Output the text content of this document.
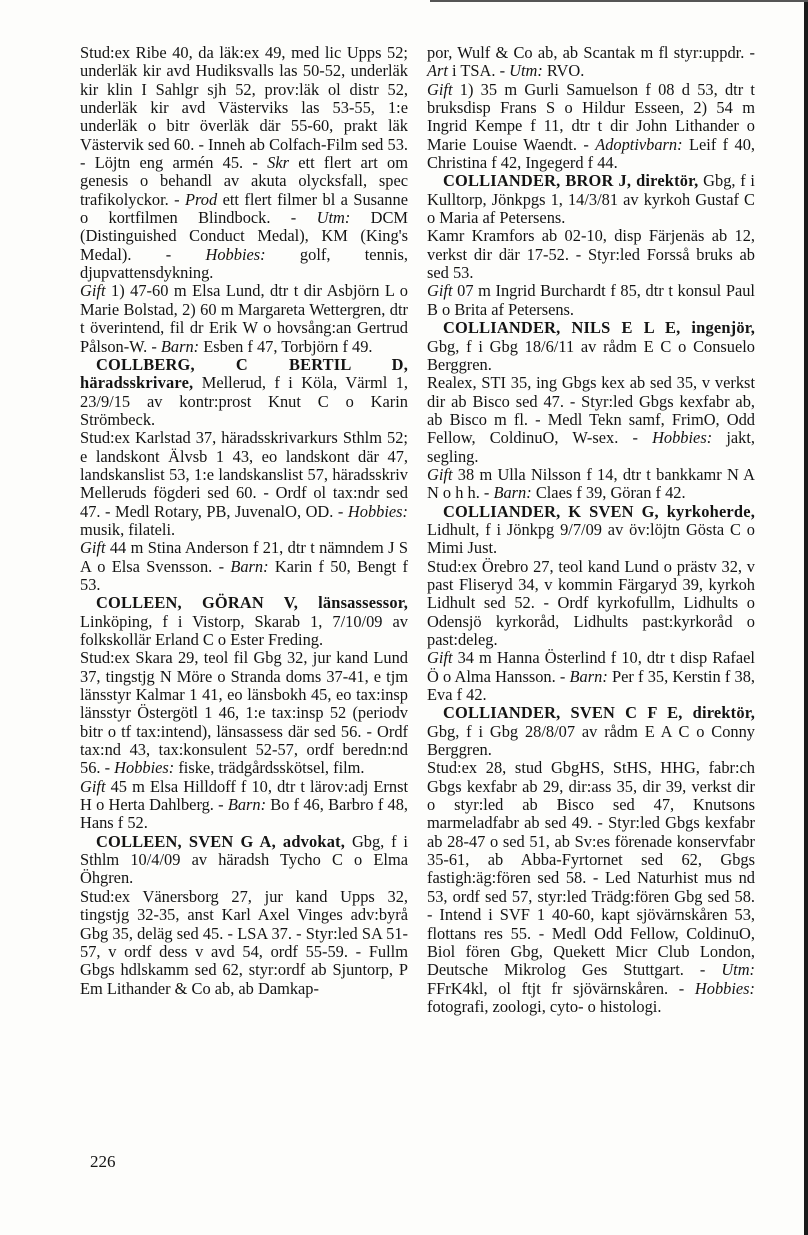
Stud:ex Ribe 40, da läk:ex 49, med lic Upps 52; underläk kir avd Hudiksvalls las 50-52, underläk kir klin I Sahlgr sjh 52, prov:läk ol distr 52, underläk kir avd Västerviks las 53-55, 1:e underläk o bitr överläk där 55-60, prakt läk Västervik sed 60. - Inneh ab Colfach-Film sed 53. - Löjtn eng armén 45. - Skr ett flert art om genesis o behandl av akuta olycksfall, spec trafikolyckor. - Prod ett flert filmer bl a Susanne o kortfilmen Blindbock. - Utm: DCM (Distinguished Conduct Medal), KM (King's Medal). - Hobbies: golf, tennis, djupvattensdykning.

Gift 1) 47-60 m Elsa Lund, dtr t dir Asbjörn L o Marie Bolstad, 2) 60 m Margareta Wettergren, dtr t överintend, fil dr Erik W o hovsång:an Gertrud Pålson-W. - Barn: Esben f 47, Torbjörn f 49.

COLLBERG, C BERTIL D, häradsskrivare, Mellerud, f i Köla, Värml 1, 23/9/15 av kontr:prost Knut C o Karin Strömbeck.

Stud:ex Karlstad 37, häradsskrivarkurs Sthlm 52; e landskont Älvsb 1 43, eo landskont där 47, landskanslist 53, 1:e landskanslist 57, häradsskriv Melleruds fögderi sed 60. - Ordf ol tax:ndr sed 47. - Medl Rotary, PB, JuvenalO, OD. - Hobbies: musik, filateli.

Gift 44 m Stina Anderson f 21, dtr t nämndem J S A o Elsa Svensson. - Barn: Karin f 50, Bengt f 53.

COLLEEN, GÖRAN V, länsassessor, Linköping, f i Vistorp, Skarab 1, 7/10/09 av folkskollär Erland C o Ester Freding.

Stud:ex Skara 29, teol fil Gbg 32, jur kand Lund 37, tingstjg N Möre o Stranda doms 37-41, e tjm länsstyr Kalmar 1 41, eo länsbokh 45, eo tax:insp länsstyr Östergötl 1 46, 1:e tax:insp 52 (periodv bitr o tf tax:intend), länsassess där sed 56. - Ordf tax:nd 43, tax:konsulent 52-57, ordf beredn:nd 56. - Hobbies: fiske, trädgårdsskötsel, film.

Gift 45 m Elsa Hilldoff f 10, dtr t lärov:adj Ernst H o Herta Dahlberg. - Barn: Bo f 46, Barbro f 48, Hans f 52.

COLLEEN, SVEN G A, advokat, Gbg, f i Sthlm 10/4/09 av häradsh Tycho C o Elma Öhgren.

Stud:ex Vänersborg 27, jur kand Upps 32, tingstjg 32-35, anst Karl Axel Vinges adv:byrå Gbg 35, deläg sed 45. - LSA 37. - Styr:led SA 51-57, v ordf dess v avd 54, ordf 55-59. - Fullm Gbgs hdlskamm sed 62, styr:ordf ab Sjuntorp, P Em Lithander & Co ab, ab Damkap-

por, Wulf & Co ab, ab Scantak m fl styr:uppdr. - Art i TSA. - Utm: RVO.

Gift 1) 35 m Gurli Samuelson f 08 d 53, dtr t bruksdisp Frans S o Hildur Esseen, 2) 54 m Ingrid Kempe f 11, dtr t dir John Lithander o Marie Louise Waendt. - Adoptivbarn: Leif f 40, Christina f 42, Ingegerd f 44.

COLLIANDER, BROR J, direktör, Gbg, f i Kulltorp, Jönkpgs 1, 14/3/81 av kyrkoh Gustaf C o Maria af Petersens.

Kamr Kramfors ab 02-10, disp Färjenäs ab 12, verkst dir där 17-52. - Styr:led Forsså bruks ab sed 53.

Gift 07 m Ingrid Burchardt f 85, dtr t konsul Paul B o Brita af Petersens.

COLLIANDER, NILS E L E, ingenjör, Gbg, f i Gbg 18/6/11 av rådm E C o Consuelo Berggren.

Realex, STI 35, ing Gbgs kex ab sed 35, v verkst dir ab Bisco sed 47. - Styr:led Gbgs kexfabr ab, ab Bisco m fl. - Medl Tekn samf, FrimO, Odd Fellow, ColdinuO, W-sex. - Hobbies: jakt, segling.

Gift 38 m Ulla Nilsson f 14, dtr t bankkamr N A N o h h. - Barn: Claes f 39, Göran f 42.

COLLIANDER, K SVEN G, kyrkoherde, Lidhult, f i Jönkpg 9/7/09 av öv:löjtn Gösta C o Mimi Just.

Stud:ex Örebro 27, teol kand Lund o prästv 32, v past Fliseryd 34, v kommin Färgaryd 39, kyrkoh Lidhult sed 52. - Ordf kyrkofullm, Lidhults o Odensjö kyrkoråd, Lidhults past:kyrkoråd o past:deleg.

Gift 34 m Hanna Österlind f 10, dtr t disp Rafael Ö o Alma Hansson. - Barn: Per f 35, Kerstin f 38, Eva f 42.

COLLIANDER, SVEN C F E, direktör, Gbg, f i Gbg 28/8/07 av rådm E A C o Conny Berggren.

Stud:ex 28, stud GbgHS, StHS, HHG, fabr:ch Gbgs kexfabr ab 29, dir:ass 35, dir 39, verkst dir o styr:led ab Bisco sed 47, Knutsons marmeladfabr ab sed 49. - Styr:led Gbgs kexfabr ab 28-47 o sed 51, ab Sv:es förenade konservfabr 35-61, ab Abba-Fyrtornet sed 62, Gbgs fastigh:äg:fören sed 58. - Led Naturhist mus nd 53, ordf sed 57, styr:led Trädg:fören Gbg sed 58. - Intend i SVF 1 40-60, kapt sjövärnskåren 53, flottans res 55. - Medl Odd Fellow, ColdinuO, Biol fören Gbg, Quekett Micr Club London, Deutsche Mikrolog Ges Stuttgart. - Utm: FFrK4kl, ol ftjt fr sjövärnskåren. - Hobbies: fotografi, zoologi, cyto- o histologi.

226
